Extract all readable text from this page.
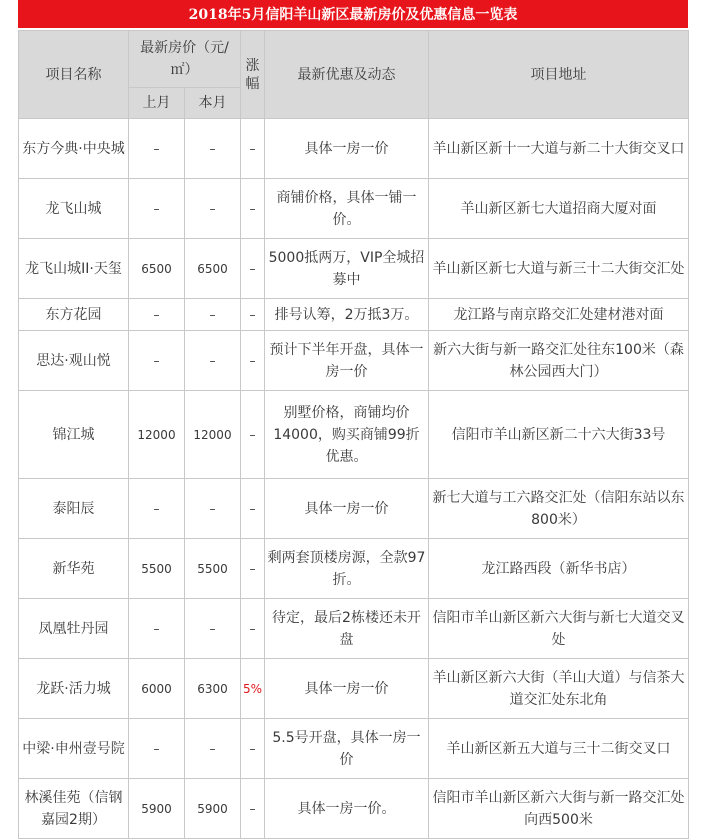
2018年5月信阳羊山新区最新房价及优惠信息一览表
项目名称	最新房价（元/㎡）		涨幅	最新优惠及动态	项目地址
	上月	本月			
东方今典·中央城	–	–	–	具体一房一价	羊山新区新十一大道与新二十大街交叉口
龙飞山城	–	–	–	商铺价格，具体一铺一价。	羊山新区新七大道招商大厦对面
龙飞山城II·天玺	6500	6500	–	5000抵两万，VIP全城招募中	羊山新区新七大道与新三十二大街交汇处
东方花园	–	–	–	排号认筹，2万抵3万。	龙江路与南京路交汇处建材港对面
思达·观山悦	–	–	–	预计下半年开盘，具体一房一价	新六大街与新一路交汇处往东100米（森林公园西大门）
锦江城	12000	12000	–	别墅价格，商铺均价14000，购买商铺99折优惠。	信阳市羊山新区新二十六大街33号
泰阳辰	–	–	–	具体一房一价	新七大道与工六路交汇处（信阳东站以东800米）
新华苑	5500	5500	–	剩两套顶楼房源，全款97折。	龙江路西段（新华书店）
凤凰牡丹园	–	–	–	待定，最后2栋楼还未开盘	信阳市羊山新区新六大街与新七大道交叉处
龙跃·活力城	6000	6300	5%	具体一房一价	羊山新区新六大街（羊山大道）与信茶大道交汇处东北角
中梁·申州壹号院	–	–	–	5.5号开盘，具体一房一价	羊山新区新五大道与三十二街交叉口
林溪佳苑（信钢嘉园2期）	5900	5900	–	具体一房一价。	信阳市羊山新区新六大街与新一路交汇处向西500米
